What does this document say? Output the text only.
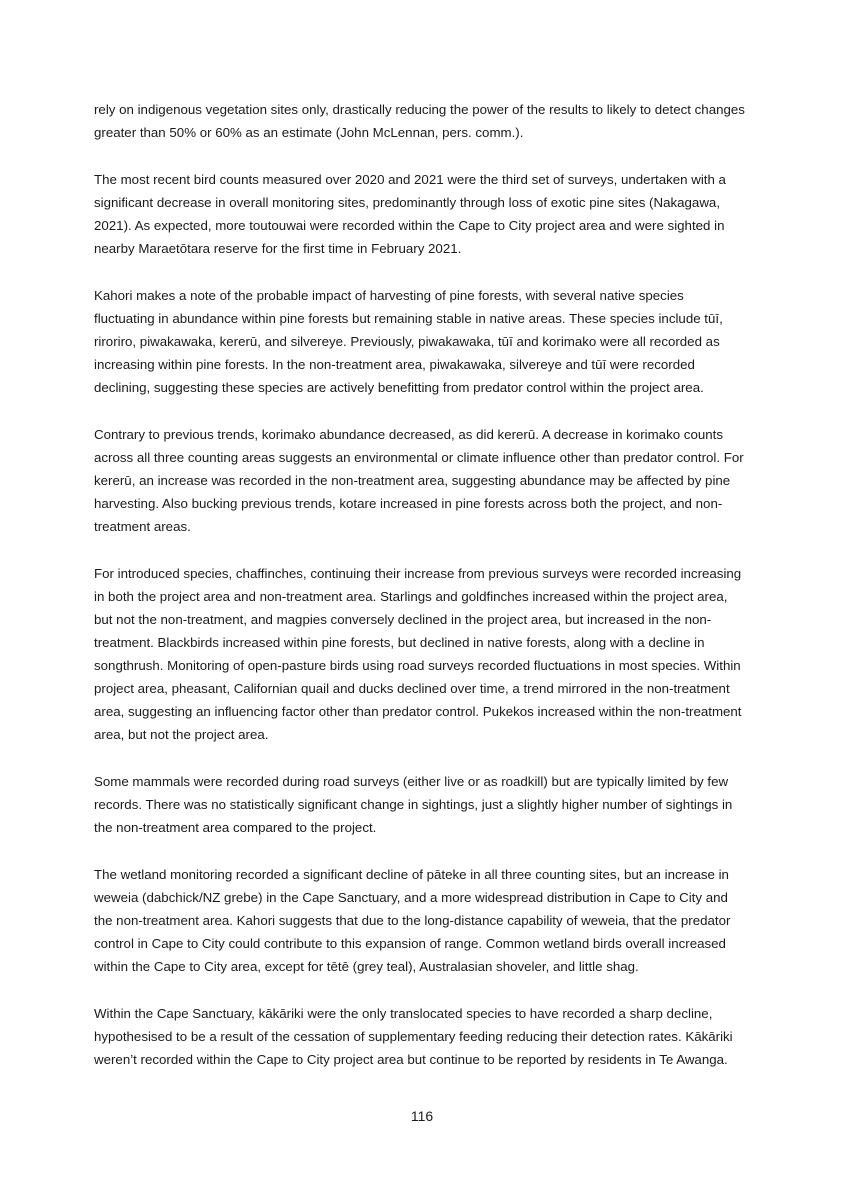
rely on indigenous vegetation sites only, drastically reducing the power of the results to likely to detect changes greater than 50% or 60% as an estimate (John McLennan, pers. comm.).

The most recent bird counts measured over 2020 and 2021 were the third set of surveys, undertaken with a significant decrease in overall monitoring sites, predominantly through loss of exotic pine sites (Nakagawa, 2021). As expected, more toutouwai were recorded within the Cape to City project area and were sighted in nearby Maraetōtara reserve for the first time in February 2021.

Kahori makes a note of the probable impact of harvesting of pine forests, with several native species fluctuating in abundance within pine forests but remaining stable in native areas. These species include tūī, riroriro, piwakawaka, kererū, and silvereye. Previously, piwakawaka, tūī and korimako were all recorded as increasing within pine forests. In the non-treatment area, piwakawaka, silvereye and tūī were recorded declining, suggesting these species are actively benefitting from predator control within the project area.

Contrary to previous trends, korimako abundance decreased, as did kererū. A decrease in korimako counts across all three counting areas suggests an environmental or climate influence other than predator control. For kererū, an increase was recorded in the non-treatment area, suggesting abundance may be affected by pine harvesting. Also bucking previous trends, kotare increased in pine forests across both the project, and non-treatment areas.

For introduced species, chaffinches, continuing their increase from previous surveys were recorded increasing in both the project area and non-treatment area. Starlings and goldfinches increased within the project area, but not the non-treatment, and magpies conversely declined in the project area, but increased in the non-treatment. Blackbirds increased within pine forests, but declined in native forests, along with a decline in songthrush. Monitoring of open-pasture birds using road surveys recorded fluctuations in most species. Within project area, pheasant, Californian quail and ducks declined over time, a trend mirrored in the non-treatment area, suggesting an influencing factor other than predator control. Pukekos increased within the non-treatment area, but not the project area.

Some mammals were recorded during road surveys (either live or as roadkill) but are typically limited by few records. There was no statistically significant change in sightings, just a slightly higher number of sightings in the non-treatment area compared to the project.

The wetland monitoring recorded a significant decline of pāteke in all three counting sites, but an increase in weweia (dabchick/NZ grebe) in the Cape Sanctuary, and a more widespread distribution in Cape to City and the non-treatment area. Kahori suggests that due to the long-distance capability of weweia, that the predator control in Cape to City could contribute to this expansion of range. Common wetland birds overall increased within the Cape to City area, except for tētē (grey teal), Australasian shoveler, and little shag.

Within the Cape Sanctuary, kākāriki were the only translocated species to have recorded a sharp decline, hypothesised to be a result of the cessation of supplementary feeding reducing their detection rates. Kākāriki weren’t recorded within the Cape to City project area but continue to be reported by residents in Te Awanga.

116
